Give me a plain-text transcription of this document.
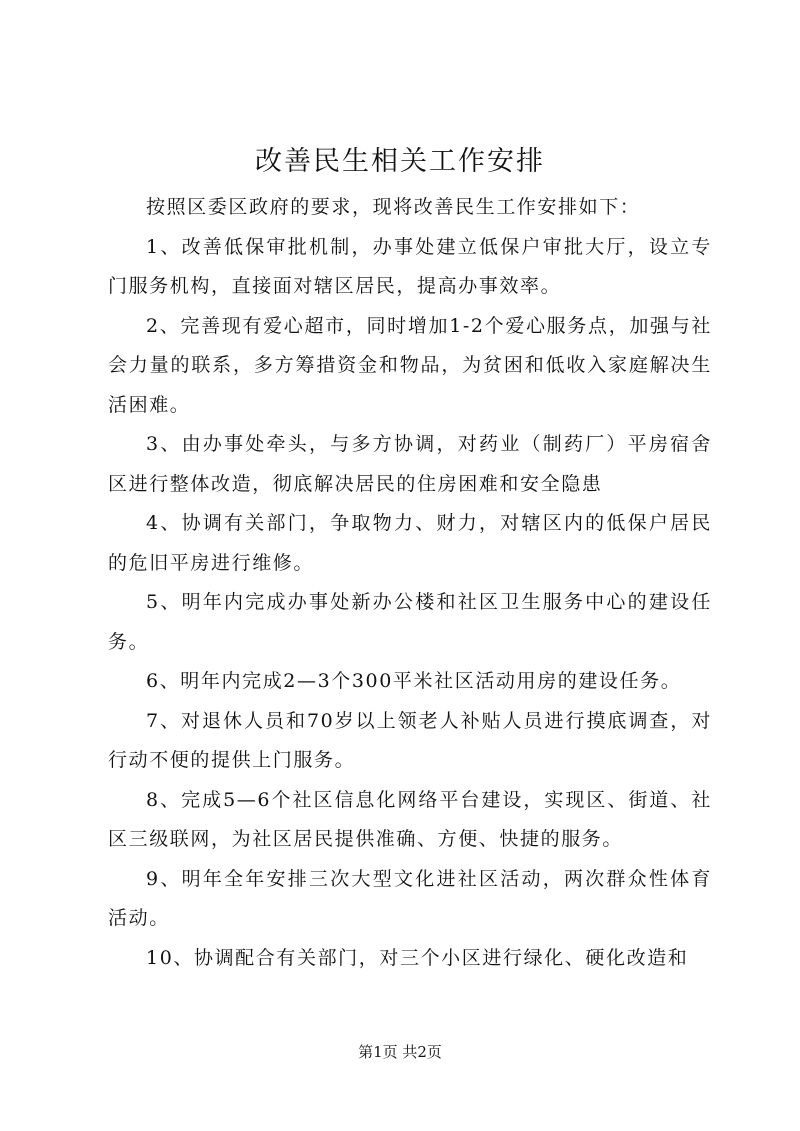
改善民生相关工作安排

按照区委区政府的要求，现将改善民生工作安排如下：

1、改善低保审批机制，办事处建立低保户审批大厅，设立专门服务机构，直接面对辖区居民，提高办事效率。

2、完善现有爱心超市，同时增加1-2个爱心服务点，加强与社会力量的联系，多方筹措资金和物品，为贫困和低收入家庭解决生活困难。

3、由办事处牵头，与多方协调，对药业（制药厂）平房宿舍区进行整体改造，彻底解决居民的住房困难和安全隐患

4、协调有关部门，争取物力、财力，对辖区内的低保户居民的危旧平房进行维修。

5、明年内完成办事处新办公楼和社区卫生服务中心的建设任务。

6、明年内完成2—3个300平米社区活动用房的建设任务。

7、对退休人员和70岁以上领老人补贴人员进行摸底调查，对行动不便的提供上门服务。

8、完成5—6个社区信息化网络平台建设，实现区、街道、社区三级联网，为社区居民提供准确、方便、快捷的服务。

9、明年全年安排三次大型文化进社区活动，两次群众性体育活动。

10、协调配合有关部门，对三个小区进行绿化、硬化改造和

第1页 共2页
